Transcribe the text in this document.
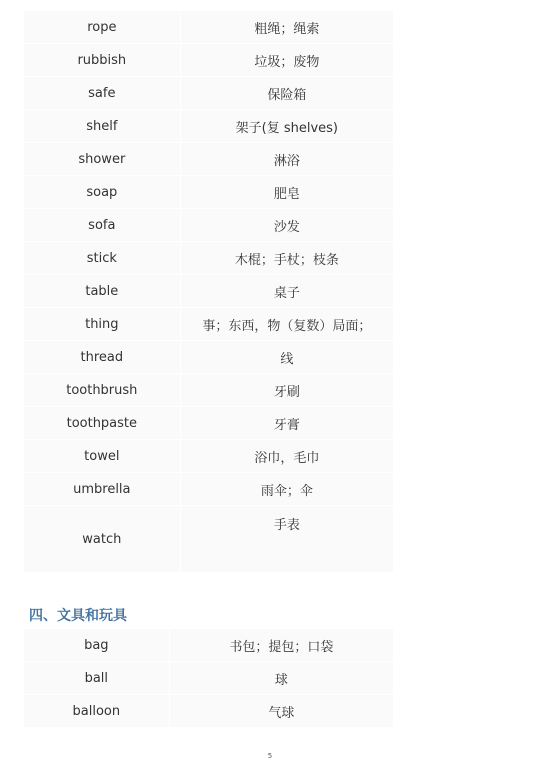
rope	粗绳；绳索
rubbish	垃圾；废物
safe	保险箱
shelf	架子(复 shelves)
shower	淋浴
soap	肥皂
sofa	沙发
stick	木棍；手杖；枝条
table	桌子
thing	事；东西，物（复数）局面；
thread	线
toothbrush	牙刷
toothpaste	牙膏
towel	浴巾，毛巾
umbrella	雨伞；伞
watch	手表
四、文具和玩具
bag	书包；提包；口袋
ball	球
balloon	气球
5
